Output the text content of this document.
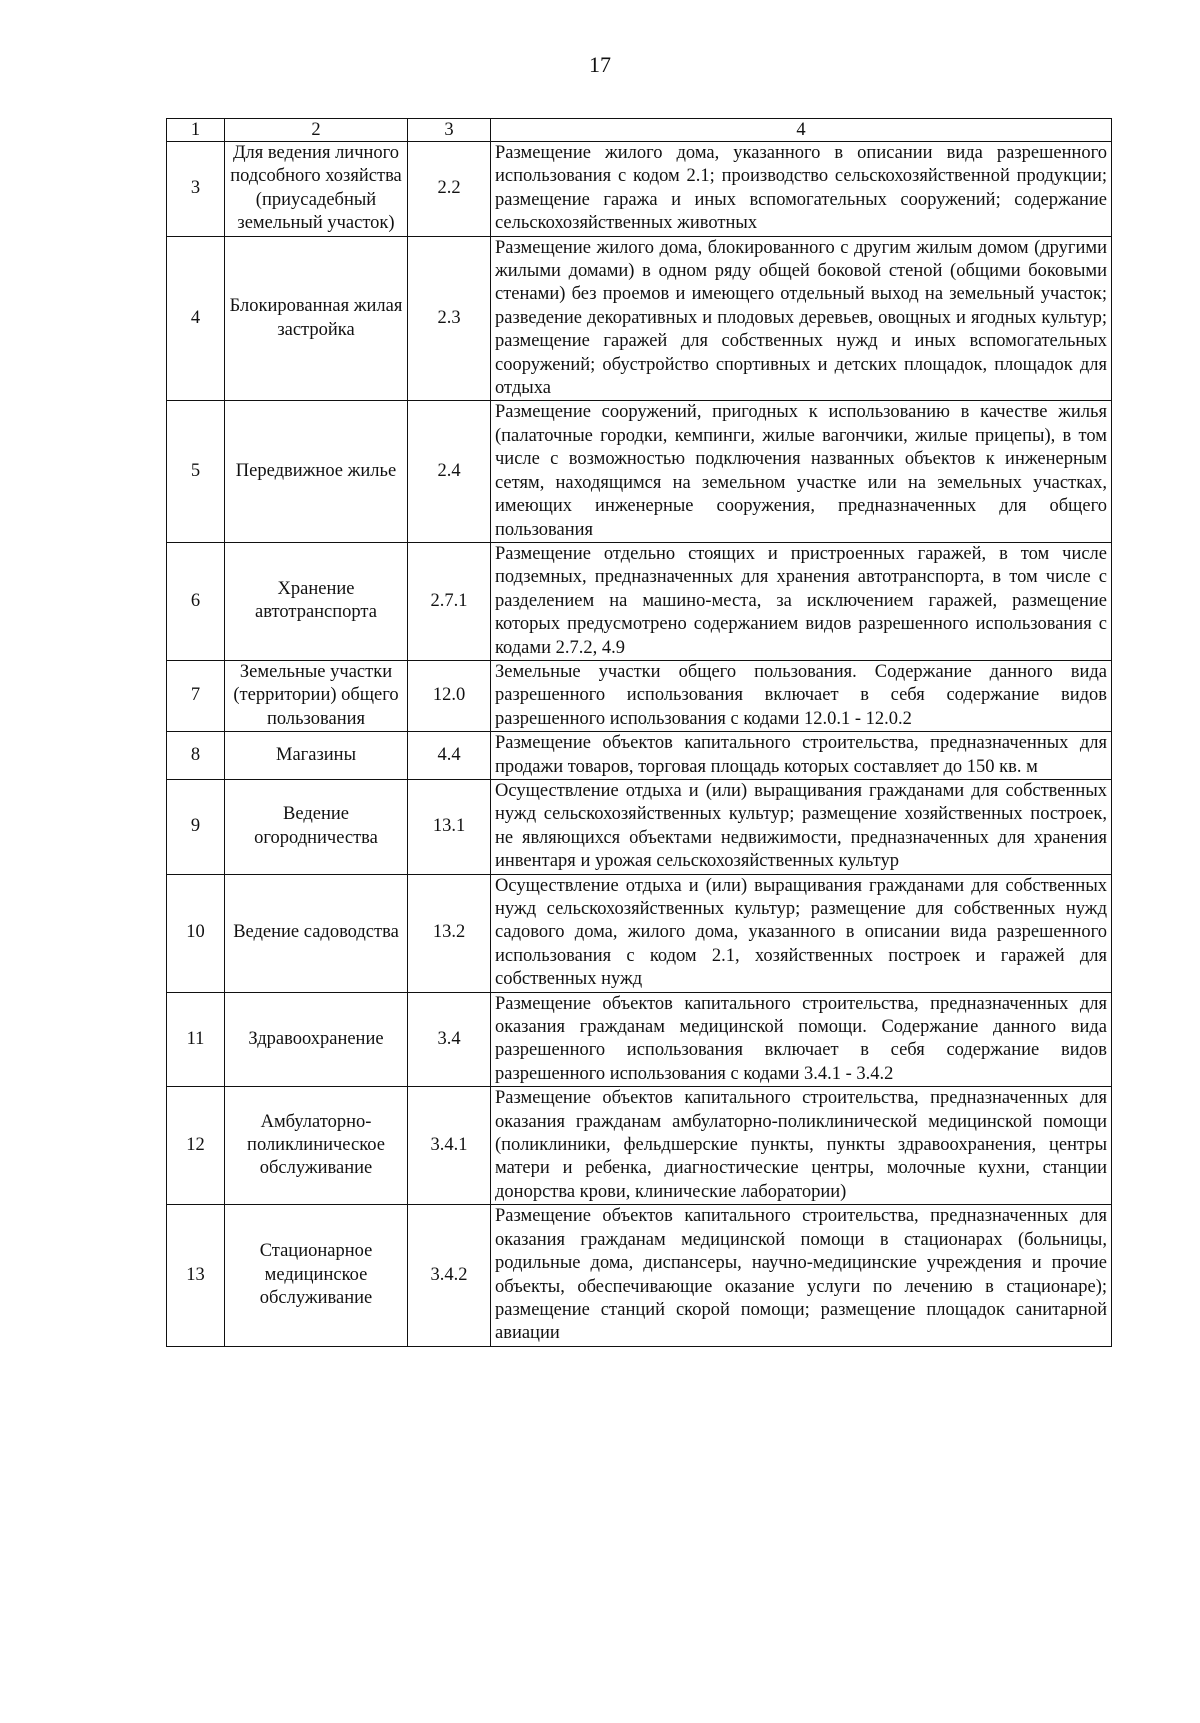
17
1	2	3	4
3	Для ведения личного подсобного хозяйства (приусадебный земельный участок)	2.2	Размещение жилого дома, указанного в описании вида разрешенного использования с кодом 2.1; производство сельскохозяйственной продукции; размещение гаража и иных вспомогательных сооружений; содержание сельскохозяйственных животных
4	Блокированная жилая застройка	2.3	Размещение жилого дома, блокированного с другим жилым домом (другими жилыми домами) в одном ряду общей боковой стеной (общими боковыми стенами) без проемов и имеющего отдельный выход на земельный участок; разведение декоративных и плодовых деревьев, овощных и ягодных культур; размещение гаражей для собственных нужд и иных вспомогательных сооружений; обустройство спортивных и детских площадок, площадок для отдыха
5	Передвижное жилье	2.4	Размещение сооружений, пригодных к использованию в качестве жилья (палаточные городки, кемпинги, жилые вагончики, жилые прицепы), в том числе с возможностью подключения названных объектов к инженерным сетям, находящимся на земельном участке или на земельных участках, имеющих инженерные сооружения, предназначенных для общего пользования
6	Хранение автотранспорта	2.7.1	Размещение отдельно стоящих и пристроенных гаражей, в том числе подземных, предназначенных для хранения автотранспорта, в том числе с разделением на машино-места, за исключением гаражей, размещение которых предусмотрено содержанием видов разрешенного использования с кодами 2.7.2, 4.9
7	Земельные участки (территории) общего пользования	12.0	Земельные участки общего пользования. Содержание данного вида разрешенного использования включает в себя содержание видов разрешенного использования с кодами 12.0.1 - 12.0.2
8	Магазины	4.4	Размещение объектов капитального строительства, предназначенных для продажи товаров, торговая площадь которых составляет до 150 кв. м
9	Ведение огородничества	13.1	Осуществление отдыха и (или) выращивания гражданами для собственных нужд сельскохозяйственных культур; размещение хозяйственных построек, не являющихся объектами недвижимости, предназначенных для хранения инвентаря и урожая сельскохозяйственных культур
10	Ведение садоводства	13.2	Осуществление отдыха и (или) выращивания гражданами для собственных нужд сельскохозяйственных культур; размещение для собственных нужд садового дома, жилого дома, указанного в описании вида разрешенного использования с кодом 2.1, хозяйственных построек и гаражей для собственных нужд
11	Здравоохранение	3.4	Размещение объектов капитального строительства, предназначенных для оказания гражданам медицинской помощи. Содержание данного вида разрешенного использования включает в себя содержание видов разрешенного использования с кодами 3.4.1 - 3.4.2
12	Амбулаторно-поликлиническое обслуживание	3.4.1	Размещение объектов капитального строительства, предназначенных для оказания гражданам амбулаторно-поликлинической медицинской помощи (поликлиники, фельдшерские пункты, пункты здравоохранения, центры матери и ребенка, диагностические центры, молочные кухни, станции донорства крови, клинические лаборатории)
13	Стационарное медицинское обслуживание	3.4.2	Размещение объектов капитального строительства, предназначенных для оказания гражданам медицинской помощи в стационарах (больницы, родильные дома, диспансеры, научно-медицинские учреждения и прочие объекты, обеспечивающие оказание услуги по лечению в стационаре); размещение станций скорой помощи; размещение площадок санитарной авиации
